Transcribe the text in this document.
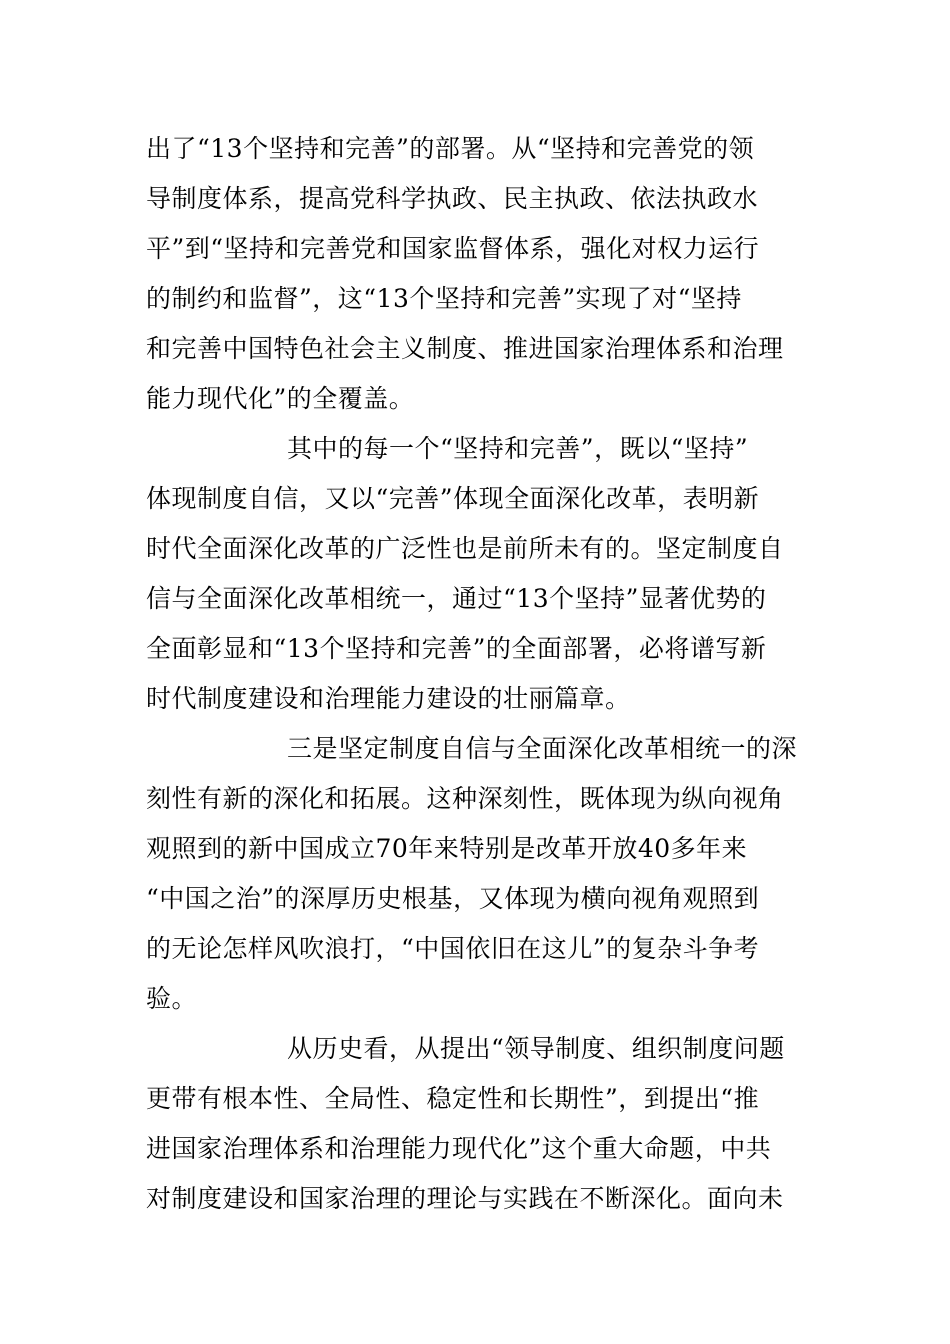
出了“13个坚持和完善”的部署。从“坚持和完善党的领
导制度体系，提高党科学执政、民主执政、依法执政水
平”到“坚持和完善党和国家监督体系，强化对权力运行
的制约和监督”，这“13个坚持和完善”实现了对“坚持
和完善中国特色社会主义制度、推进国家治理体系和治理
能力现代化”的全覆盖。
其中的每一个“坚持和完善”，既以“坚持”
体现制度自信，又以“完善”体现全面深化改革，表明新
时代全面深化改革的广泛性也是前所未有的。坚定制度自
信与全面深化改革相统一，通过“13个坚持”显著优势的
全面彰显和“13个坚持和完善”的全面部署，必将谱写新
时代制度建设和治理能力建设的壮丽篇章。
三是坚定制度自信与全面深化改革相统一的深
刻性有新的深化和拓展。这种深刻性，既体现为纵向视角
观照到的新中国成立70年来特别是改革开放40多年来
“中国之治”的深厚历史根基，又体现为横向视角观照到
的无论怎样风吹浪打，“中国依旧在这儿”的复杂斗争考
验。
从历史看，从提出“领导制度、组织制度问题
更带有根本性、全局性、稳定性和长期性”，到提出“推
进国家治理体系和治理能力现代化”这个重大命题，中共
对制度建设和国家治理的理论与实践在不断深化。面向未
